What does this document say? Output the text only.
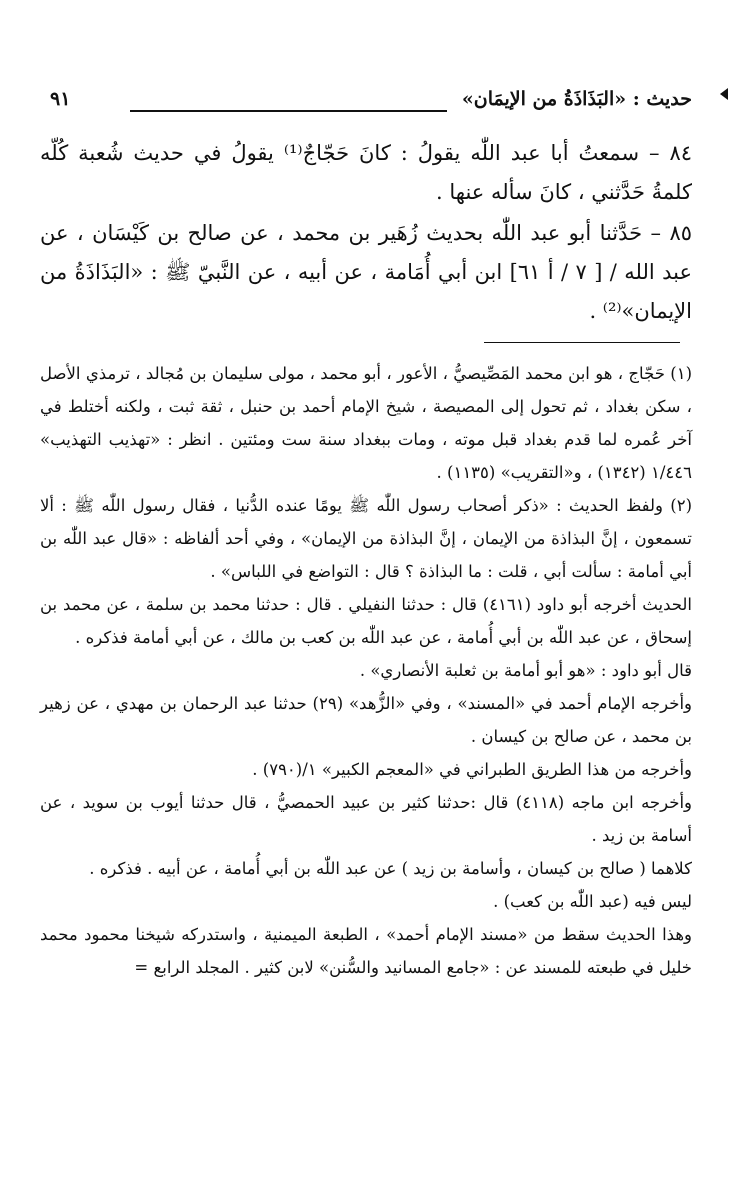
حديث : «البَذَاذَةُ من الإيمَان»
٩١

٨٤ – سمعتُ أبا عبد اللّٰه يقولُ : كانَ حَجّاجٌ⁽¹⁾ يقولُ في حديث شُعبة كُلّه كلمةُ حَدَّثني ، كانَ سأله عنها .

٨٥ – حَدَّثنا أبو عبد اللّٰه بحديث زُهَير بن محمد ، عن صالح بن كَيْسَان ، عن عبد الله / [ ٧ / أ ٦١] ابن أبي أُمَامة ، عن أبيه ، عن النَّبيّ ﷺ : «البَذَاذَةُ من الإيمان»⁽²⁾ .

(١) حَجّاج ، هو ابن محمد المَصِّيصيُّ ، الأعور ، أبو محمد ، مولى سليمان بن مُجالد ، ترمذي الأصل ، سكن بغداد ، ثم تحول إلى المصيصة ، شيخ الإمام أحمد بن حنبل ، ثقة ثبت ، ولكنه أختلط في آخر عُمره لما قدم بغداد قبل موته ، ومات ببغداد سنة ست ومئتين . انظر : «تهذيب التهذيب» ١/٤٤٦ (١٣٤٢) ، و«التقريب» (١١٣٥) .

(٢) ولفظ الحديث : «ذكر أصحاب رسول اللّٰه ﷺ يومًا عنده الدُّنيا ، فقال رسول اللّٰه ﷺ : ألا تسمعون ، إنَّ البذاذة من الإيمان ، إنَّ البذاذة من الإيمان» ، وفي أحد ألفاظه : «قال عبد اللّٰه بن أبي أمامة : سألت أبي ، قلت : ما البذاذة ؟ قال : التواضع في اللباس» .

الحديث أخرجه أبو داود (٤١٦١) قال : حدثنا النفيلي . قال : حدثنا محمد بن سلمة ، عن محمد بن إسحاق ، عن عبد اللّٰه بن أبي أُمامة ، عن عبد اللّٰه بن كعب بن مالك ، عن أبي أمامة فذكره .

قال أبو داود : «هو أبو أمامة بن ثعلبة الأنصاري» .

وأخرجه الإمام أحمد في «المسند» ، وفي «الزُّهد» (٢٩) حدثنا عبد الرحمان بن مهدي ، عن زهير بن محمد ، عن صالح بن كيسان .

وأخرجه من هذا الطريق الطبراني في «المعجم الكبير» ١/(٧٩٠) .

وأخرجه ابن ماجه (٤١١٨) قال :حدثنا كثير بن عبيد الحمصيُّ ، قال حدثنا أيوب بن سويد ، عن أسامة بن زيد .

كلاهما ( صالح بن كيسان ، وأسامة بن زيد ) عن عبد اللّٰه بن أبي أُمامة ، عن أبيه . فذكره .

ليس فيه (عبد اللّٰه بن كعب) .

وهذا الحديث سقط من «مسند الإمام أحمد» ، الطبعة الميمنية ، واستدركه شيخنا محمود محمد خليل في طبعته للمسند عن : «جامع المسانيد والسُّنن» لابن كثير . المجلد الرابع =
